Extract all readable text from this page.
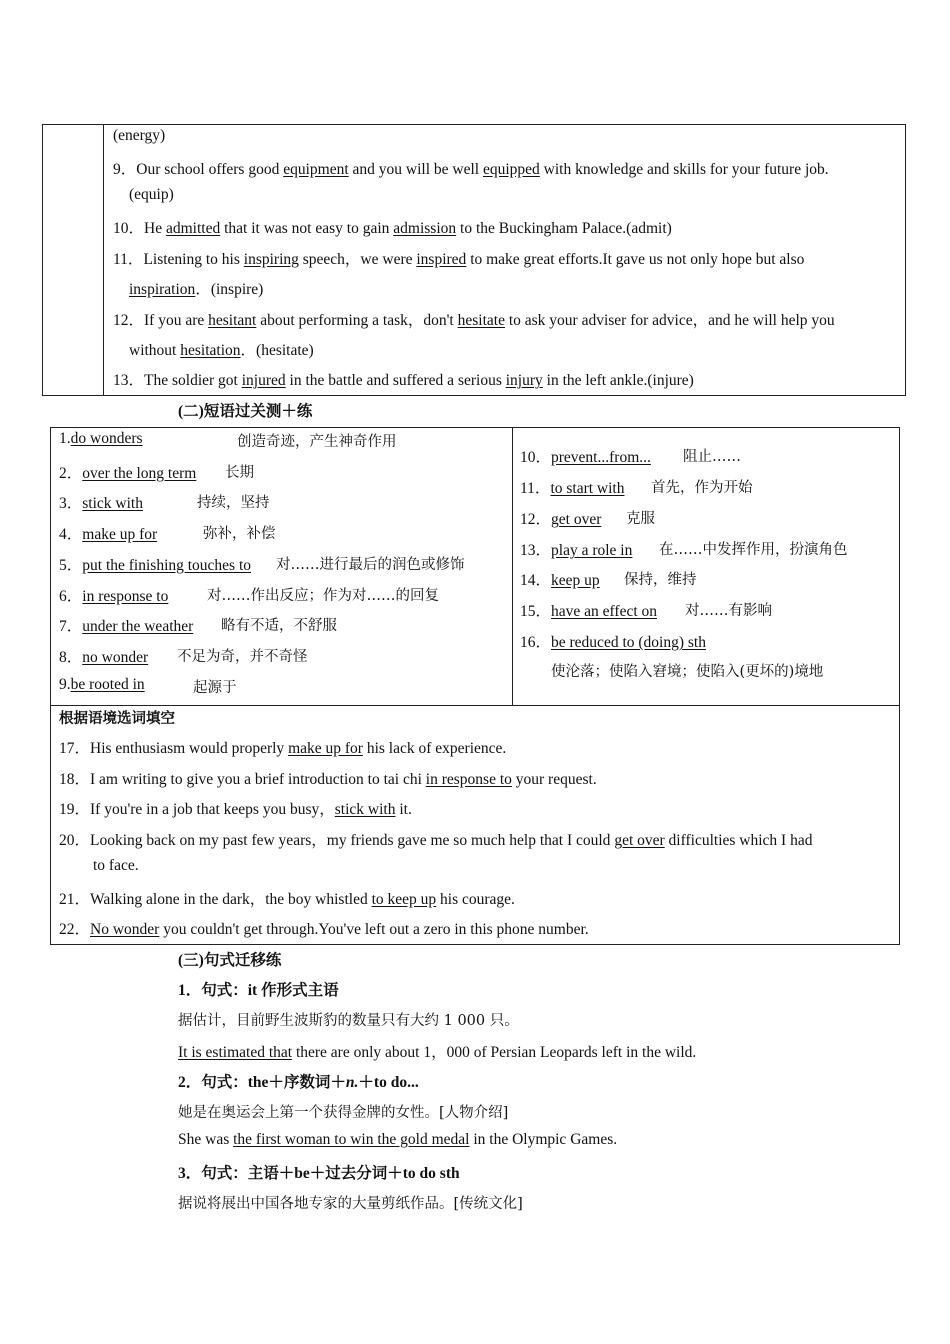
(energy)
9．Our school offers good equipment and you will be well equipped with knowledge and skills for your future job.
(equip)
10．He admitted that it was not easy to gain admission to the Buckingham Palace.(admit)
11．Listening to his inspiring speech，we were inspired to make great efforts.It gave us not only hope but also
inspiration．(inspire)
12．If you are hesitant about performing a task，don't hesitate to ask your adviser for advice，and he will help you
without hesitation．(hesitate)
13．The soldier got injured in the battle and suffered a serious injury in the left ankle.(injure)
(二)短语过关测＋练
1.do wonders	创造奇迹，产生神奇作用
2．over the long term 长期
3．stick with	持续，坚持
4．make up for	弥补，补偿
5．put the finishing touches to 对……进行最后的润色或修饰
6．in response to	对……作出反应；作为对……的回复
7．under the weather 略有不适，不舒服
8．no wonder 不足为奇，并不奇怪
9.be rooted in	起源于
10．prevent...from... 阻止……
11．to start with 首先，作为开始
12．get over 克服
13．play a role in 在……中发挥作用，扮演角色
14．keep up 保持，维持
15．have an effect on 对……有影响
16．be reduced to (doing) sth
使沦落；使陷入窘境；使陷入(更坏的)境地
根据语境选词填空
17．His enthusiasm would properly make up for his lack of experience.
18．I am writing to give you a brief introduction to tai chi in response to your request.
19．If you're in a job that keeps you busy，stick with it.
20．Looking back on my past few years，my friends gave me so much help that I could get over difficulties which I had
to face.
21．Walking alone in the dark，the boy whistled to keep up his courage.
22．No wonder you couldn't get through.You've left out a zero in this phone number.
(三)句式迁移练
1．句式：it 作形式主语
据估计，目前野生波斯豹的数量只有大约 1 000 只。
It is estimated that there are only about 1，000 of Persian Leopards left in the wild.
2．句式：the＋序数词＋n.＋to do...
她是在奥运会上第一个获得金牌的女性。[人物介绍]
She was the first woman to win the gold medal in the Olympic Games.
3．句式：主语＋be＋过去分词＋to do sth
据说将展出中国各地专家的大量剪纸作品。[传统文化]
